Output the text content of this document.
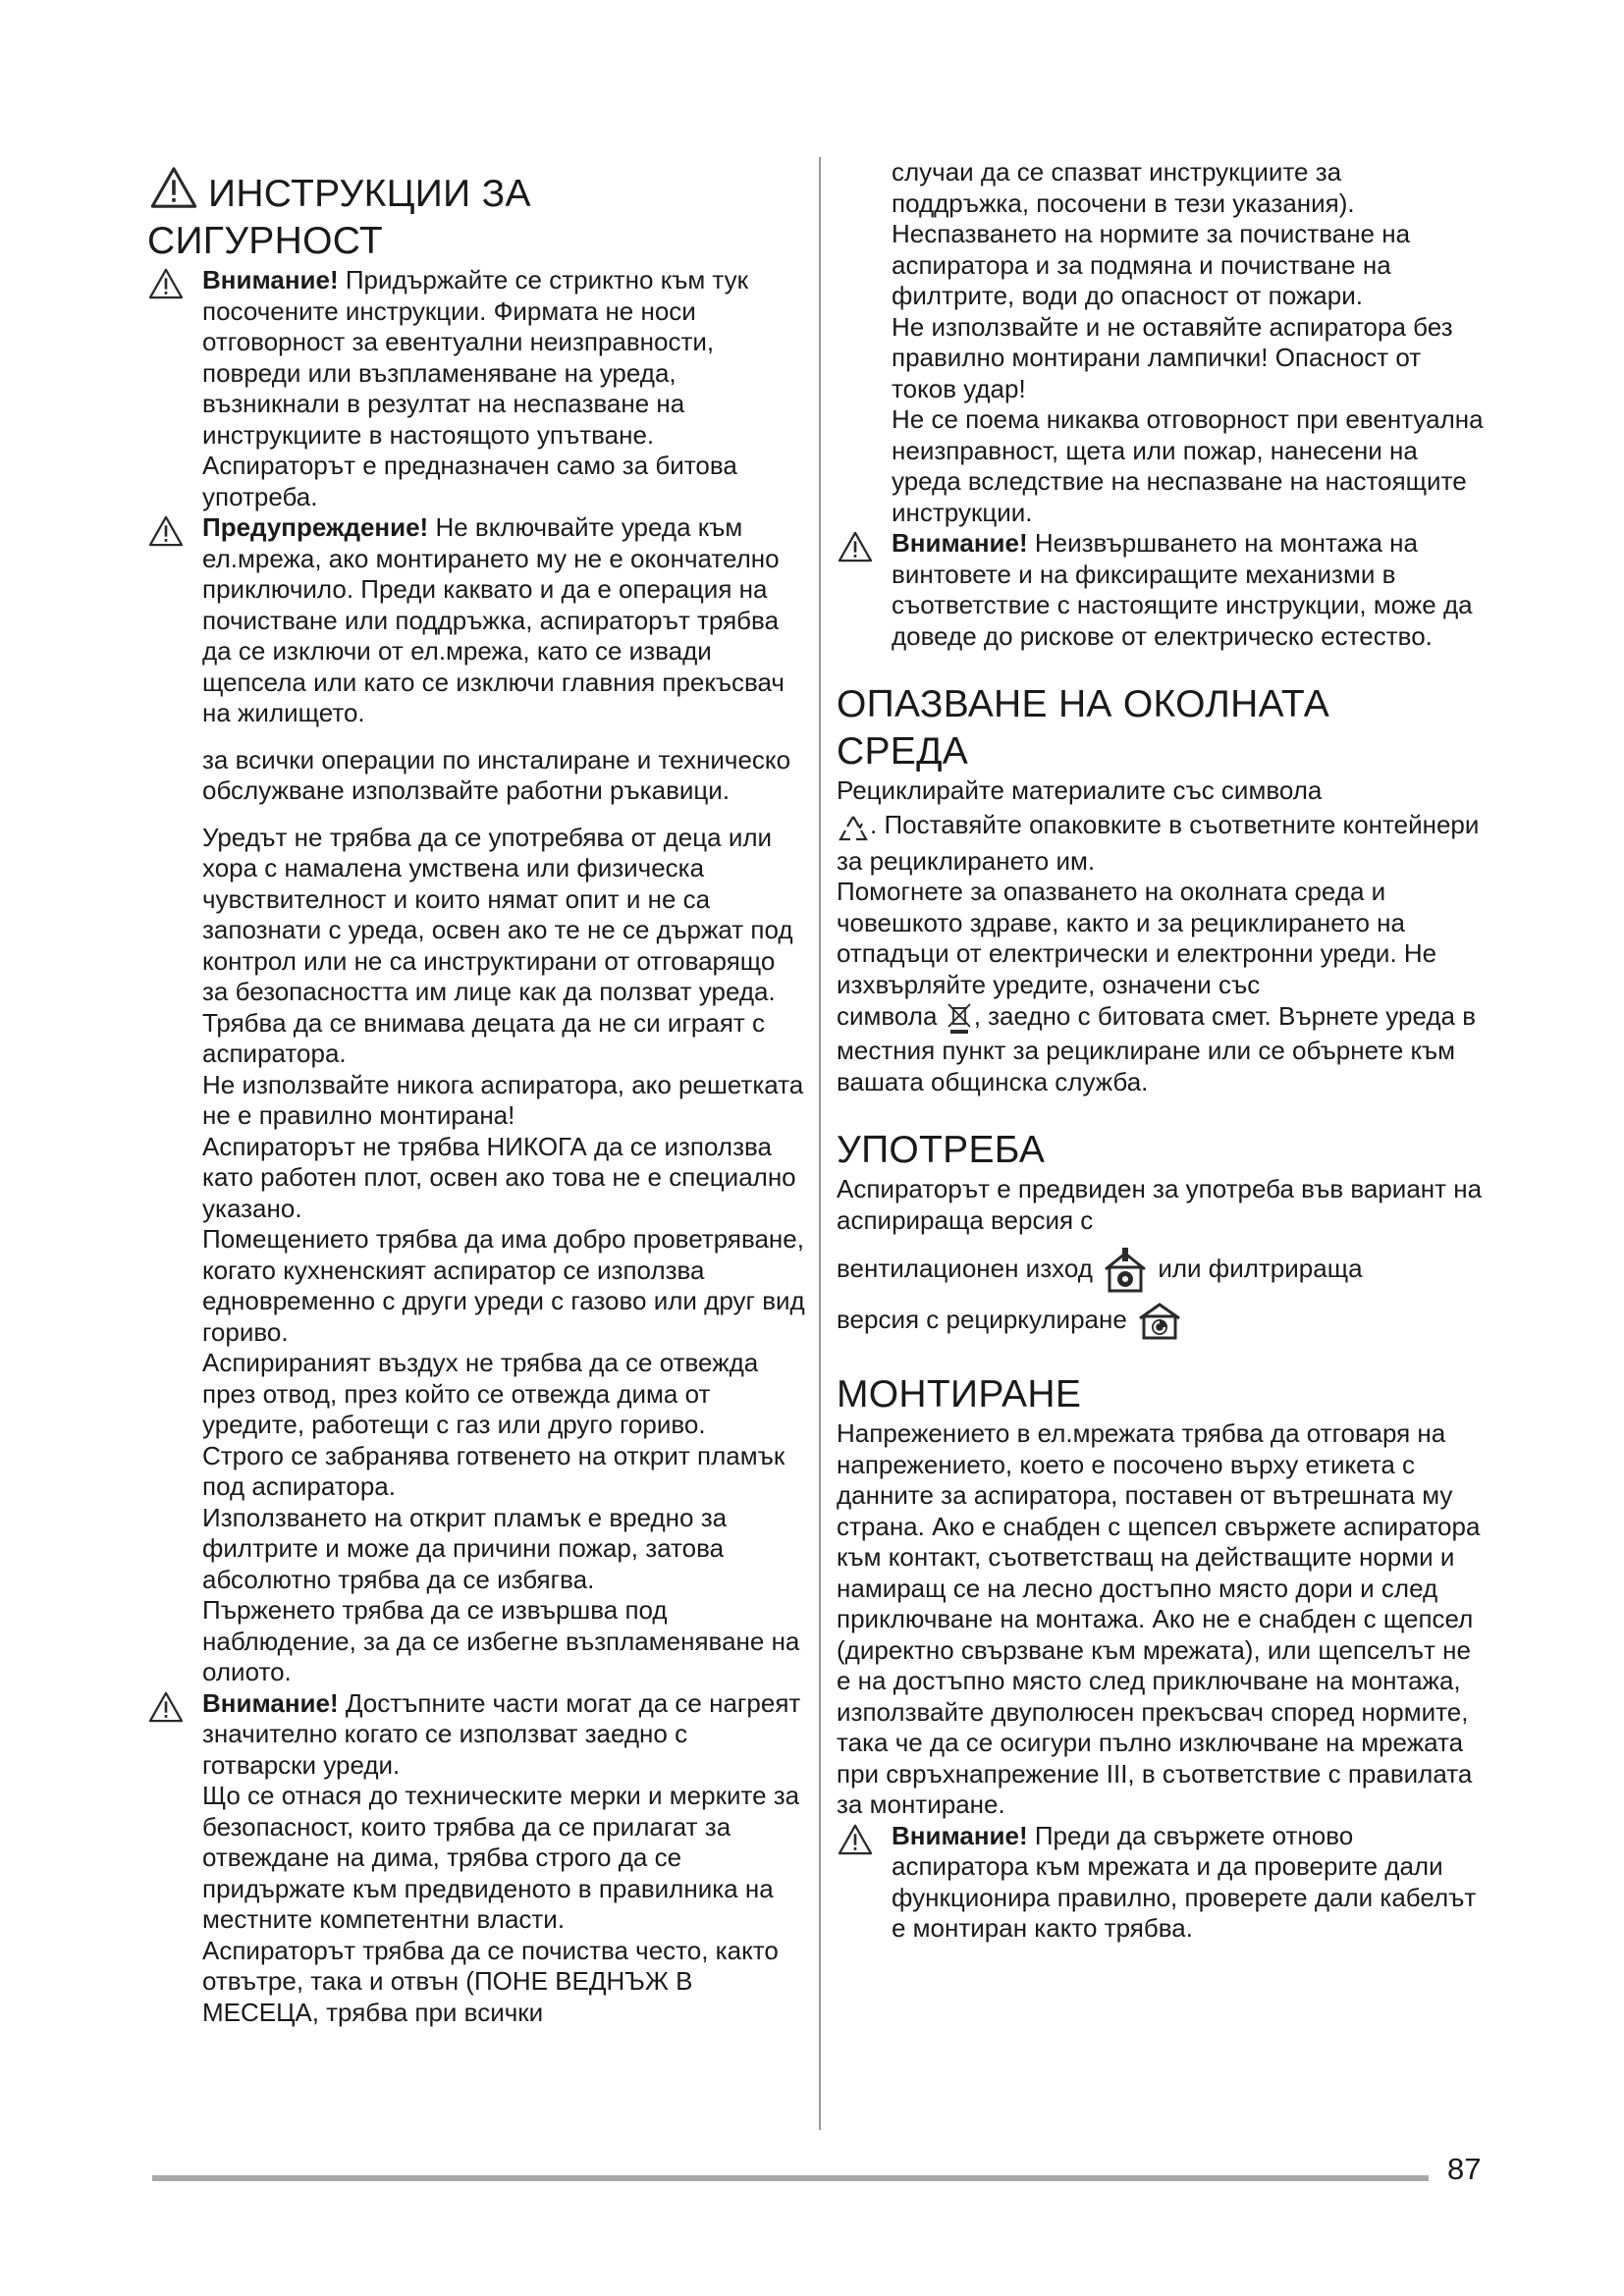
ИНСТРУКЦИИ ЗА
СИГУРНОСТ
Внимание! Придържайте се стриктно към тук посочените инструкции. Фирмата не носи отговорност за евентуални неизправности, повреди или възпламеняване на уреда, възникнали в резултат на неспазване на инструкциите в настоящото упътване. Аспираторът е предназначен само за битова употреба.
Предупреждение! Не включвайте уреда към ел.мрежа, ако монтирането му не е окончателно приключило. Преди каквато и да е операция на почистване или поддръжка, аспираторът трябва да се изключи от ел.мрежа, като се извади щепсела или като се изключи главния прекъсвач на жилището.

за всички операции по инсталиране и техническо обслужване използвайте работни ръкавици.

Уредът не трябва да се употребява от деца или хора с намалена умствена или физическа чувствителност и които нямат опит и не са запознати с уреда, освен ако те не се държат под контрол или не са инструктирани от отговарящо за безопасността им лице как да ползват уреда. Трябва да се внимава децата да не си играят с аспиратора.

Не използвайте никога аспиратора, ако решетката не е правилно монтирана!

Аспираторът не трябва НИКОГА да се използва като работен плот, освен ако това не е специално указано.

Помещението трябва да има добро проветряване, когато кухненският аспиратор се използва едновременно с други уреди с газово или друг вид гориво.

Аспирираният въздух не трябва да се отвежда през отвод, през който се отвежда дима от уредите, работещи с газ или друго гориво.

Строго се забранява готвенето на открит пламък под аспиратора.

Използването на открит пламък е вредно за филтрите и може да причини пожар, затова абсолютно трябва да се избягва.

Пърженето трябва да се извършва под наблюдение, за да се избегне възпламеняване на олиото.

Внимание! Достъпните части могат да се нагреят значително когато се използват заедно с готварски уреди.

Що се отнася до техническите мерки и мерките за безопасност, които трябва да се прилагат за отвеждане на дима, трябва строго да се придържате към предвиденото в правилника на местните компетентни власти.

Аспираторът трябва да се почиства често, както отвътре, така и отвън (ПОНЕ ВЕДНЪЖ В МЕСЕЦА, трябва при всички

случаи да се спазват инструкциите за поддръжка, посочени в тези указания).

Неспазването на нормите за почистване на аспиратора и за подмяна и почистване на филтрите, води до опасност от пожари.

Не използвайте и не оставяйте аспиратора без правилно монтирани лампички! Опасност от токов удар!

Не се поема никаква отговорност при евентуална неизправност, щета или пожар, нанесени на уреда вследствие на неспазване на настоящите инструкции.

Внимание! Неизвършването на монтажа на винтовете и на фиксиращите механизми в съответствие с настоящите инструкции, може да доведе до рискове от електрическо естество.
ОПАЗВАНЕ НА ОКОЛНАТА
СРЕДА

Рециклирайте материалите със символа
. Поставяйте опаковките в съответните контейнери за рециклирането им.

Помогнете за опазването на околната среда и човешкото здраве, както и за рециклирането на отпадъци от електрически и електронни уреди. Не изхвърляйте уредите, означени със
символа , заедно с битовата смет. Върнете уреда в местния пункт за рециклиране или се обърнете към вашата общинска служба.

УПОТРЕБА

Аспираторът е предвиден за употреба във вариант на аспирираща версия с

вентилационен изход	или филтрираща

версия с рециркулиране

МОНТИРАНЕ

Напрежението в ел.мрежата трябва да отговаря на напрежението, което е посочено върху етикета с данните за аспиратора, поставен от вътрешната му страна. Ако е снабден с щепсел свържете аспиратора към контакт, съответстващ на действащите норми и намиращ се на лесно достъпно място дори и след приключване на монтажа. Ако не е снабден с щепсел (директно свързване към мрежата), или щепселът не е на достъпно място след приключване на монтажа, използвайте двуполюсен прекъсвач според нормите, така че да се осигури пълно изключване на мрежата при свръхнапрежение III, в съответствие с правилата за монтиране.

Внимание! Преди да свържете отново аспиратора към мрежата и да проверите дали функционира правилно, проверете дали кабелът е монтиран както трябва.
87
